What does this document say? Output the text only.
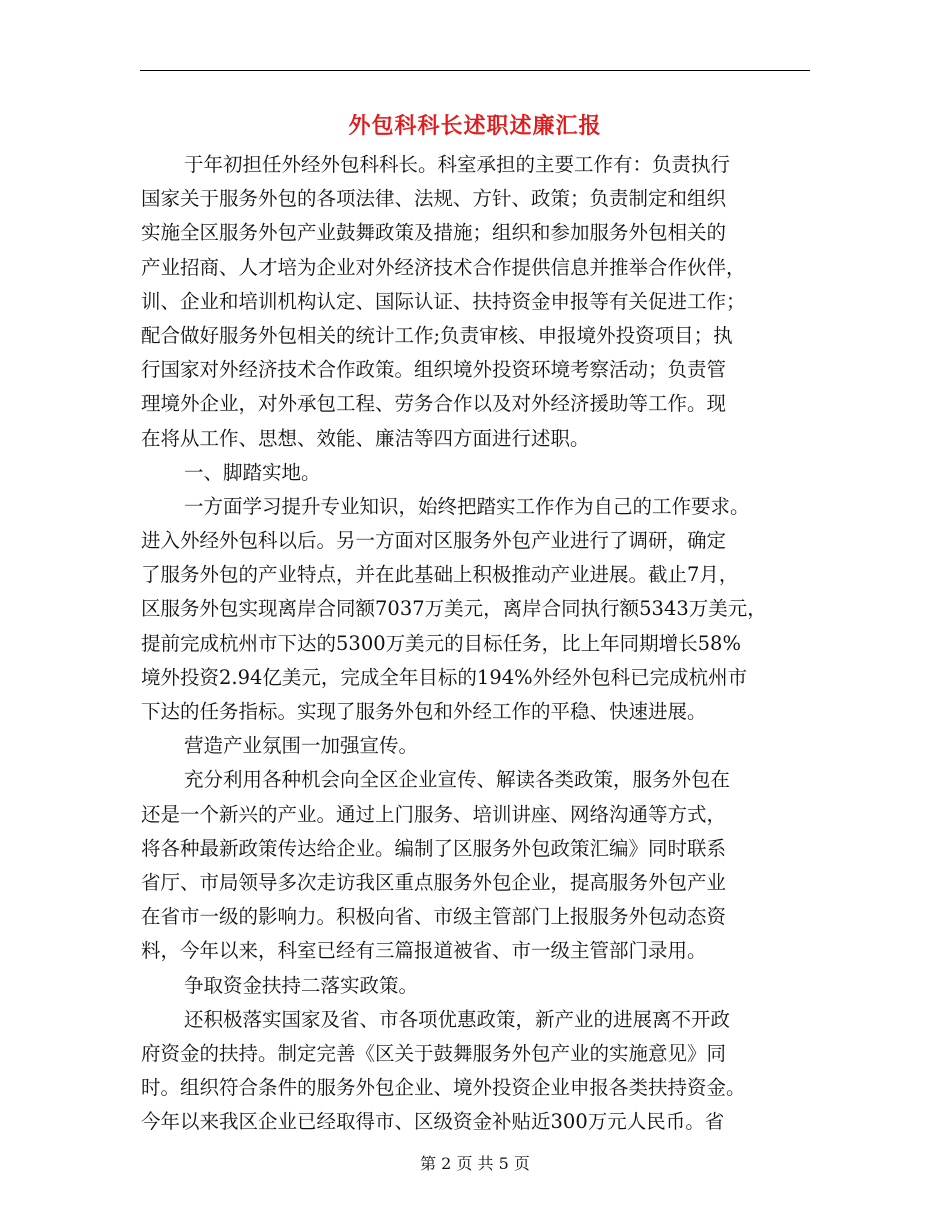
外包科科长述职述廉汇报
于年初担任外经外包科科长。科室承担的主要工作有：负责执行
国家关于服务外包的各项法律、法规、方针、政策；负责制定和组织
实施全区服务外包产业鼓舞政策及措施；组织和参加服务外包相关的
产业招商、人才培为企业对外经济技术合作提供信息并推举合作伙伴，
训、企业和培训机构认定、国际认证、扶持资金申报等有关促进工作；
配合做好服务外包相关的统计工作;负责审核、申报境外投资项目；执
行国家对外经济技术合作政策。组织境外投资环境考察活动；负责管
理境外企业，对外承包工程、劳务合作以及对外经济援助等工作。现
在将从工作、思想、效能、廉洁等四方面进行述职。
一、脚踏实地。
一方面学习提升专业知识，始终把踏实工作作为自己的工作要求。
进入外经外包科以后。另一方面对区服务外包产业进行了调研，确定
了服务外包的产业特点，并在此基础上积极推动产业进展。截止7月，
区服务外包实现离岸合同额7037万美元，离岸合同执行额5343万美元，
提前完成杭州市下达的5300万美元的目标任务，比上年同期增长58%
境外投资2.94亿美元，完成全年目标的194%外经外包科已完成杭州市
下达的任务指标。实现了服务外包和外经工作的平稳、快速进展。
营造产业氛围一加强宣传。
充分利用各种机会向全区企业宣传、解读各类政策，服务外包在
还是一个新兴的产业。通过上门服务、培训讲座、网络沟通等方式，
将各种最新政策传达给企业。编制了区服务外包政策汇编》同时联系
省厅、市局领导多次走访我区重点服务外包企业，提高服务外包产业
在省市一级的影响力。积极向省、市级主管部门上报服务外包动态资
料，今年以来，科室已经有三篇报道被省、市一级主管部门录用。
争取资金扶持二落实政策。
还积极落实国家及省、市各项优惠政策，新产业的进展离不开政
府资金的扶持。制定完善《区关于鼓舞服务外包产业的实施意见》同
时。组织符合条件的服务外包企业、境外投资企业申报各类扶持资金。
今年以来我区企业已经取得市、区级资金补贴近300万元人民币。省
第 2 页 共 5 页
